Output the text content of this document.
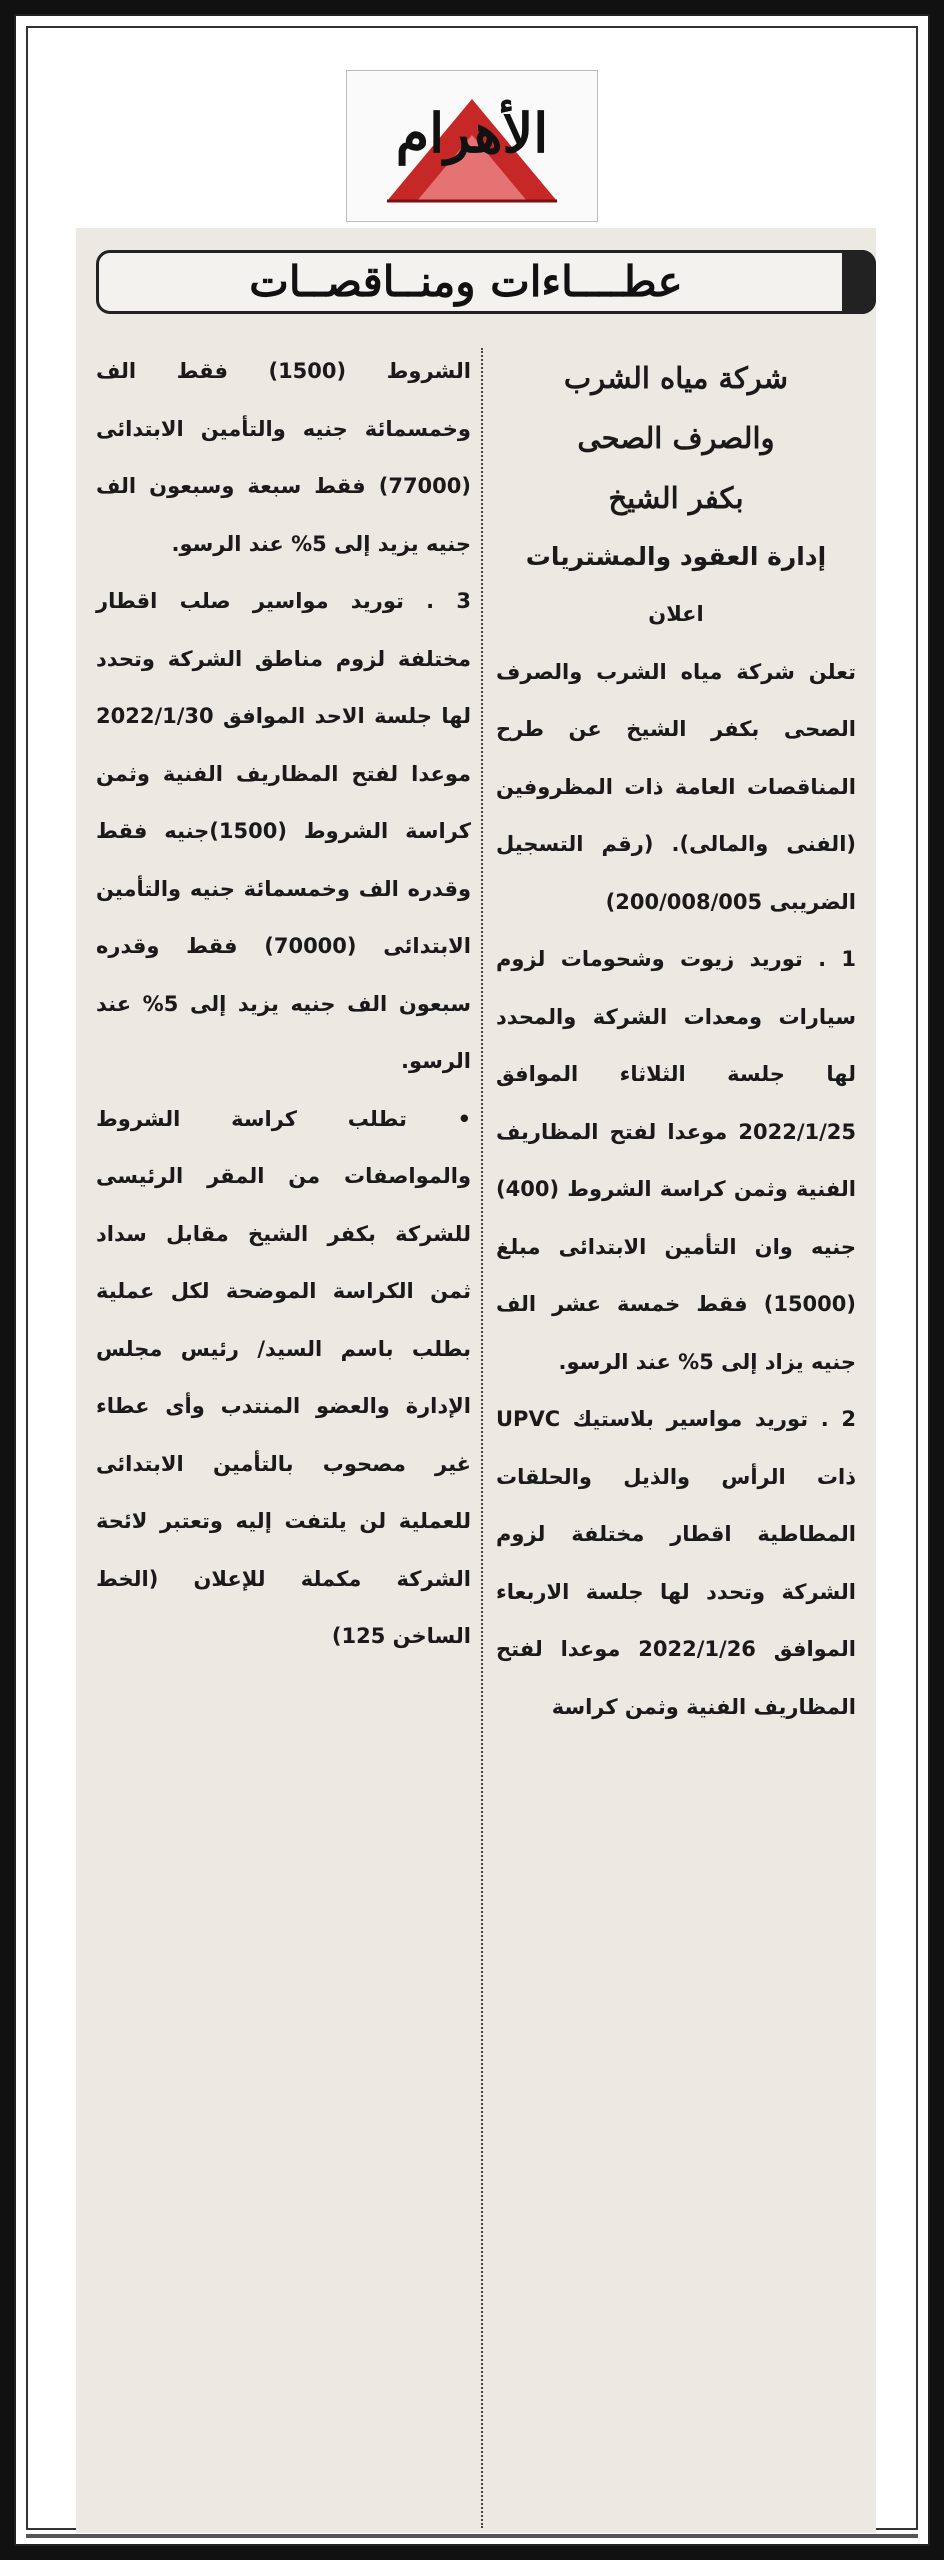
الأهرام
عطــــاءات ومنــاقصــات
شركة مياه الشرب
والصرف الصحى
بكفر الشيخ
إدارة العقود والمشتريات
اعلان

تعلن شركة مياه الشرب والصرف الصحى بكفر الشيخ عن طرح المناقصات العامة ذات المظروفين (الفنى والمالى). (رقم التسجيل الضريبى 200/008/005)

1 . توريد زيوت وشحومات لزوم سيارات ومعدات الشركة والمحدد لها جلسة الثلاثاء الموافق 2022/1/25 موعدا لفتح المظاريف الفنية وثمن كراسة الشروط (400) جنيه وان التأمين الابتدائى مبلغ (15000) فقط خمسة عشر الف جنيه يزاد إلى 5% عند الرسو.

2 . توريد مواسير بلاستيك UPVC ذات الرأس والذيل والحلقات المطاطية اقطار مختلفة لزوم الشركة وتحدد لها جلسة الاربعاء الموافق 2022/1/26 موعدا لفتح المظاريف الفنية وثمن كراسة

الشروط (1500) فقط الف وخمسمائة جنيه والتأمين الابتدائى (77000) فقط سبعة وسبعون الف جنيه يزيد إلى 5% عند الرسو.

3 . توريد مواسير صلب اقطار مختلفة لزوم مناطق الشركة وتحدد لها جلسة الاحد الموافق 2022/1/30 موعدا لفتح المظاريف الفنية وثمن كراسة الشروط (1500)جنيه فقط وقدره الف وخمسمائة جنيه والتأمين الابتدائى (70000) فقط وقدره سبعون الف جنيه يزيد إلى 5% عند الرسو.

• تطلب كراسة الشروط والمواصفات من المقر الرئيسى للشركة بكفر الشيخ مقابل سداد ثمن الكراسة الموضحة لكل عملية بطلب باسم السيد/ رئيس مجلس الإدارة والعضو المنتدب وأى عطاء غير مصحوب بالتأمين الابتدائى للعملية لن يلتفت إليه وتعتبر لائحة الشركة مكملة للإعلان (الخط الساخن 125)
